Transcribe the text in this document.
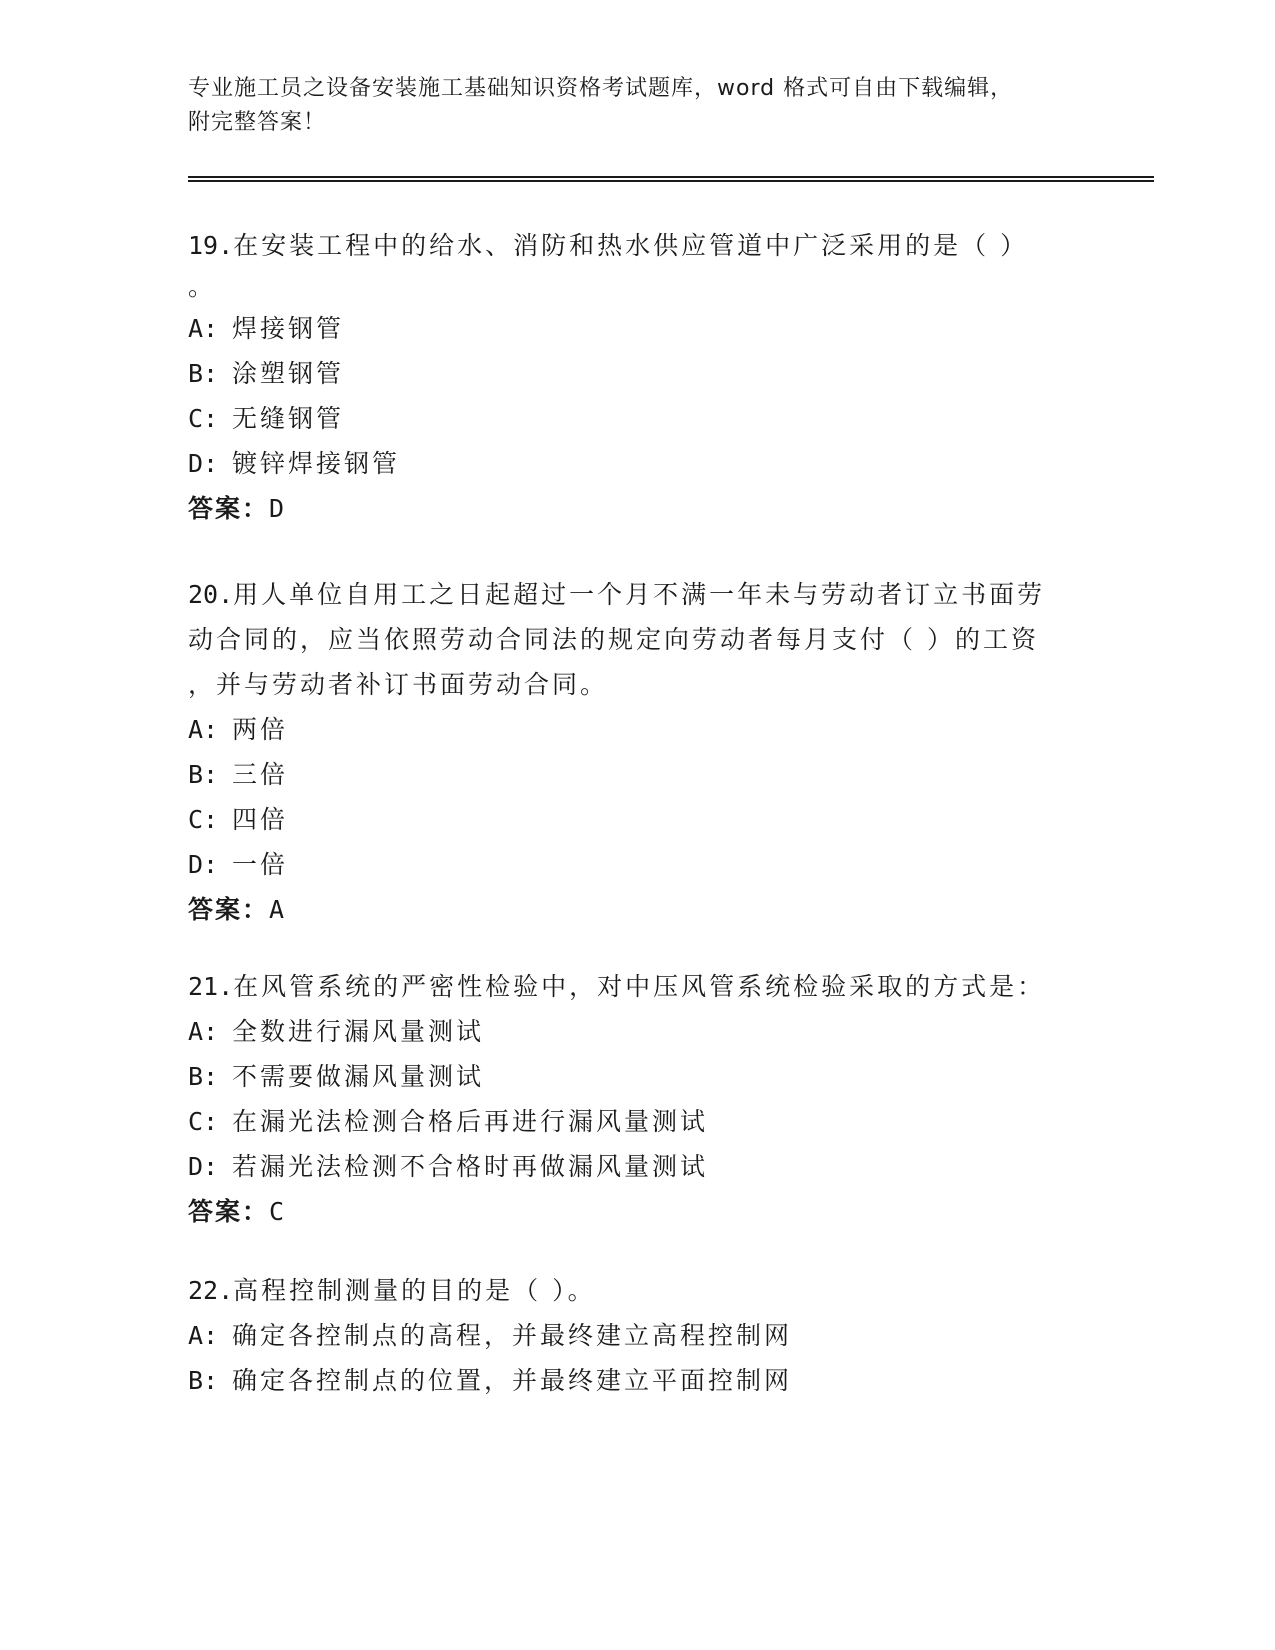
专业施工员之设备安装施工基础知识资格考试题库，word 格式可自由下载编辑，
附完整答案！
19.在安装工程中的给水、消防和热水供应管道中广泛采用的是（ ）
。
A: 焊接钢管
B: 涂塑钢管
C: 无缝钢管
D: 镀锌焊接钢管
答案：D
20.用人单位自用工之日起超过一个月不满一年未与劳动者订立书面劳
动合同的，应当依照劳动合同法的规定向劳动者每月支付（ ）的工资
，并与劳动者补订书面劳动合同。
A: 两倍
B: 三倍
C: 四倍
D: 一倍
答案：A
21.在风管系统的严密性检验中，对中压风管系统检验采取的方式是：
A: 全数进行漏风量测试
B: 不需要做漏风量测试
C: 在漏光法检测合格后再进行漏风量测试
D: 若漏光法检测不合格时再做漏风量测试
答案：C
22.高程控制测量的目的是（ ）。
A: 确定各控制点的高程，并最终建立高程控制网
B: 确定各控制点的位置，并最终建立平面控制网
